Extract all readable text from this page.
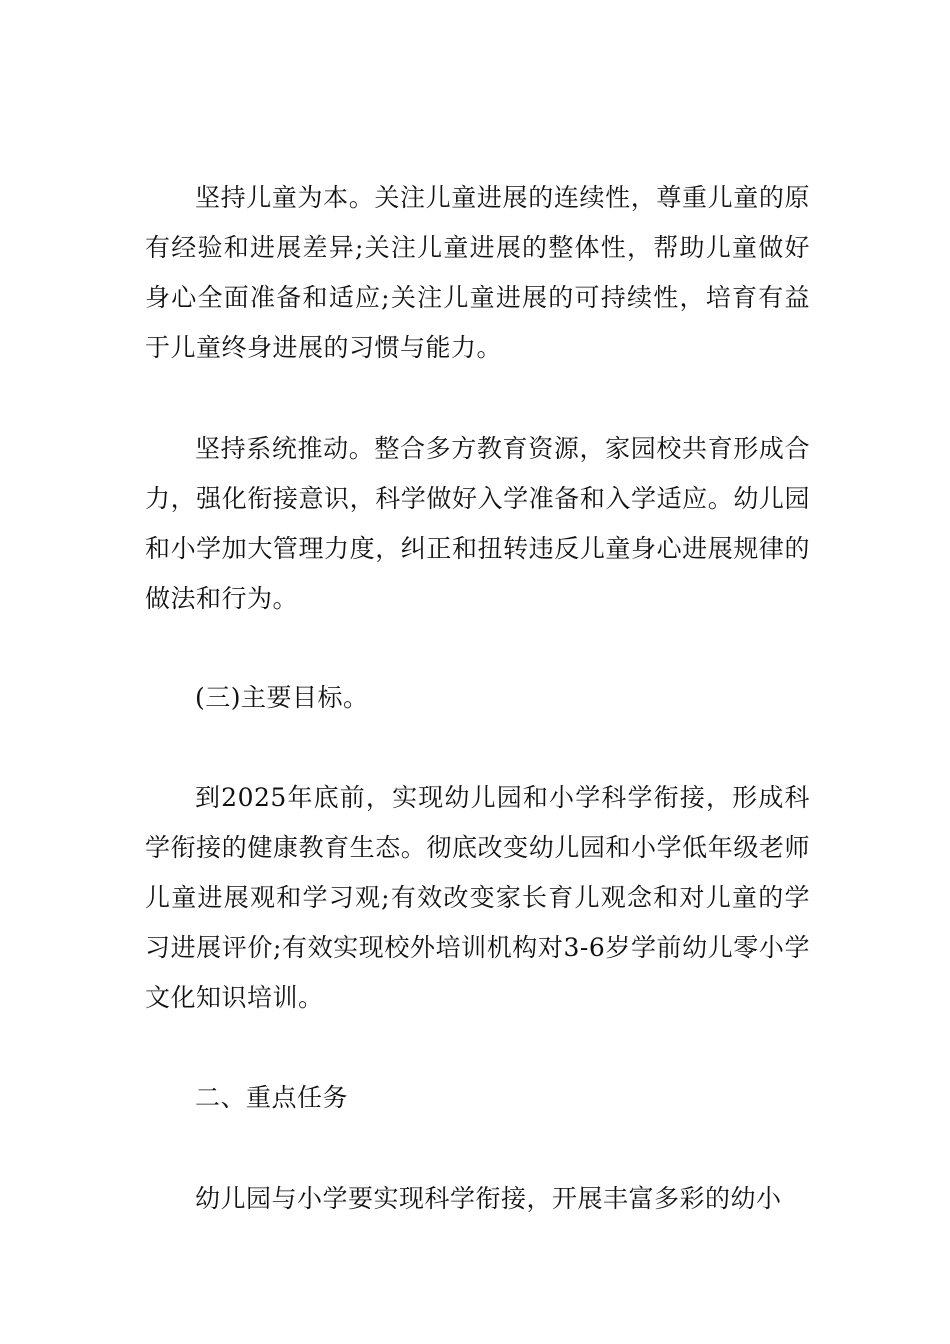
坚持儿童为本。关注儿童进展的连续性，尊重儿童的原有经验和进展差异;关注儿童进展的整体性，帮助儿童做好身心全面准备和适应;关注儿童进展的可持续性，培育有益于儿童终身进展的习惯与能力。

坚持系统推动。整合多方教育资源，家园校共育形成合力，强化衔接意识，科学做好入学准备和入学适应。幼儿园和小学加大管理力度，纠正和扭转违反儿童身心进展规律的做法和行为。

(三)主要目标。

到2025年底前，实现幼儿园和小学科学衔接，形成科学衔接的健康教育生态。彻底改变幼儿园和小学低年级老师儿童进展观和学习观;有效改变家长育儿观念和对儿童的学习进展评价;有效实现校外培训机构对3-6岁学前幼儿零小学文化知识培训。

二、重点任务

幼儿园与小学要实现科学衔接，开展丰富多彩的幼小
